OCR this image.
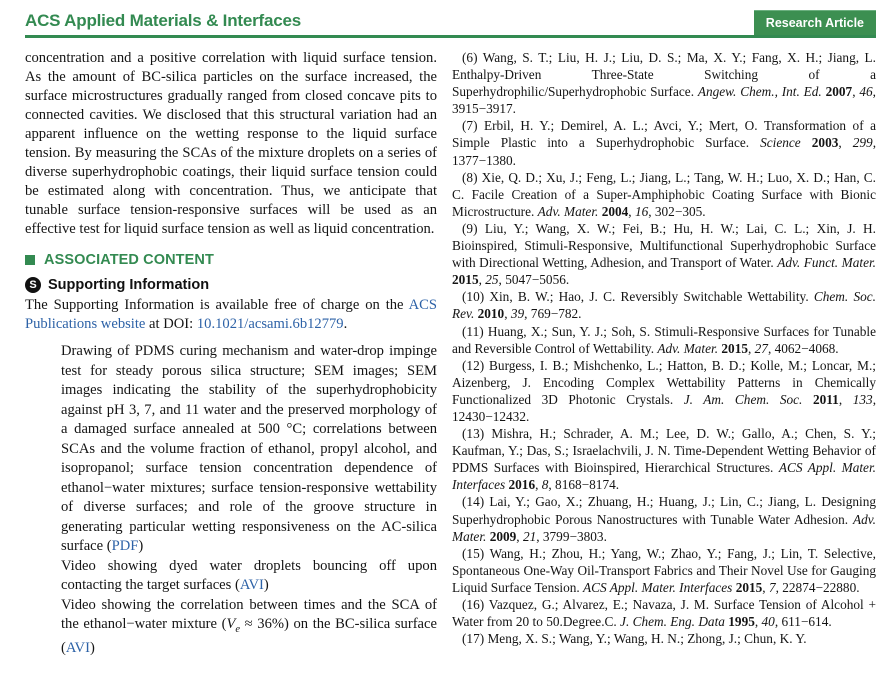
ACS Applied Materials & Interfaces	Research Article

concentration and a positive correlation with liquid surface tension. As the amount of BC-silica particles on the surface increased, the surface microstructures gradually ranged from closed concave pits to connected cavities. We disclosed that this structural variation had an apparent influence on the wetting response to the liquid surface tension. By measuring the SCAs of the mixture droplets on a series of diverse superhydrophobic coatings, their liquid surface tension could be estimated along with concentration. Thus, we anticipate that tunable surface tension-responsive surfaces will be used as an effective test for liquid surface tension as well as liquid concentration.

ASSOCIATED CONTENT
S Supporting Information

The Supporting Information is available free of charge on the ACS Publications website at DOI: 10.1021/acsami.6b12779.

Drawing of PDMS curing mechanism and water-drop impinge test for steady porous silica structure; SEM images; SEM images indicating the stability of the superhydrophobicity against pH 3, 7, and 11 water and the preserved morphology of a damaged surface annealed at 500 °C; correlations between SCAs and the volume fraction of ethanol, propyl alcohol, and isopropanol; surface tension concentration dependence of ethanol−water mixtures; surface tension-responsive wettability of diverse surfaces; and role of the groove structure in generating particular wetting responsiveness on the AC-silica surface (PDF)

Video showing dyed water droplets bouncing off upon contacting the target surfaces (AVI)

Video showing the correlation between times and the SCA of the ethanol−water mixture $(V_e \approx 36\%)$ on the BC-silica surface (AVI)

(6) Wang, S. T.; Liu, H. J.; Liu, D. S.; Ma, X. Y.; Fang, X. H.; Jiang, L. Enthalpy-Driven Three-State Switching of a Superhydrophilic/Superhydrophobic Surface. Angew. Chem., Int. Ed. 2007, 46, 3915−3917.

(7) Erbil, H. Y.; Demirel, A. L.; Avci, Y.; Mert, O. Transformation of a Simple Plastic into a Superhydrophobic Surface. Science 2003, 299, 1377−1380.

(8) Xie, Q. D.; Xu, J.; Feng, L.; Jiang, L.; Tang, W. H.; Luo, X. D.; Han, C. C. Facile Creation of a Super-Amphiphobic Coating Surface with Bionic Microstructure. Adv. Mater. 2004, 16, 302−305.

(9) Liu, Y.; Wang, X. W.; Fei, B.; Hu, H. W.; Lai, C. L.; Xin, J. H. Bioinspired, Stimuli-Responsive, Multifunctional Superhydrophobic Surface with Directional Wetting, Adhesion, and Transport of Water. Adv. Funct. Mater. 2015, 25, 5047−5056.

(10) Xin, B. W.; Hao, J. C. Reversibly Switchable Wettability. Chem. Soc. Rev. 2010, 39, 769−782.

(11) Huang, X.; Sun, Y. J.; Soh, S. Stimuli-Responsive Surfaces for Tunable and Reversible Control of Wettability. Adv. Mater. 2015, 27, 4062−4068.

(12) Burgess, I. B.; Mishchenko, L.; Hatton, B. D.; Kolle, M.; Loncar, M.; Aizenberg, J. Encoding Complex Wettability Patterns in Chemically Functionalized 3D Photonic Crystals. J. Am. Chem. Soc. 2011, 133, 12430−12432.

(13) Mishra, H.; Schrader, A. M.; Lee, D. W.; Gallo, A.; Chen, S. Y.; Kaufman, Y.; Das, S.; Israelachvili, J. N. Time-Dependent Wetting Behavior of PDMS Surfaces with Bioinspired, Hierarchical Structures. ACS Appl. Mater. Interfaces 2016, 8, 8168−8174.

(14) Lai, Y.; Gao, X.; Zhuang, H.; Huang, J.; Lin, C.; Jiang, L. Designing Superhydrophobic Porous Nanostructures with Tunable Water Adhesion. Adv. Mater. 2009, 21, 3799−3803.

(15) Wang, H.; Zhou, H.; Yang, W.; Zhao, Y.; Fang, J.; Lin, T. Selective, Spontaneous One-Way Oil-Transport Fabrics and Their Novel Use for Gauging Liquid Surface Tension. ACS Appl. Mater. Interfaces 2015, 7, 22874−22880.

(16) Vazquez, G.; Alvarez, E.; Navaza, J. M. Surface Tension of Alcohol + Water from 20 to 50.Degree.C. J. Chem. Eng. Data 1995, 40, 611−614.

(17) Meng, X. S.; Wang, Y.; Wang, H. N.; Zhong, J.; Chun, K. Y.
